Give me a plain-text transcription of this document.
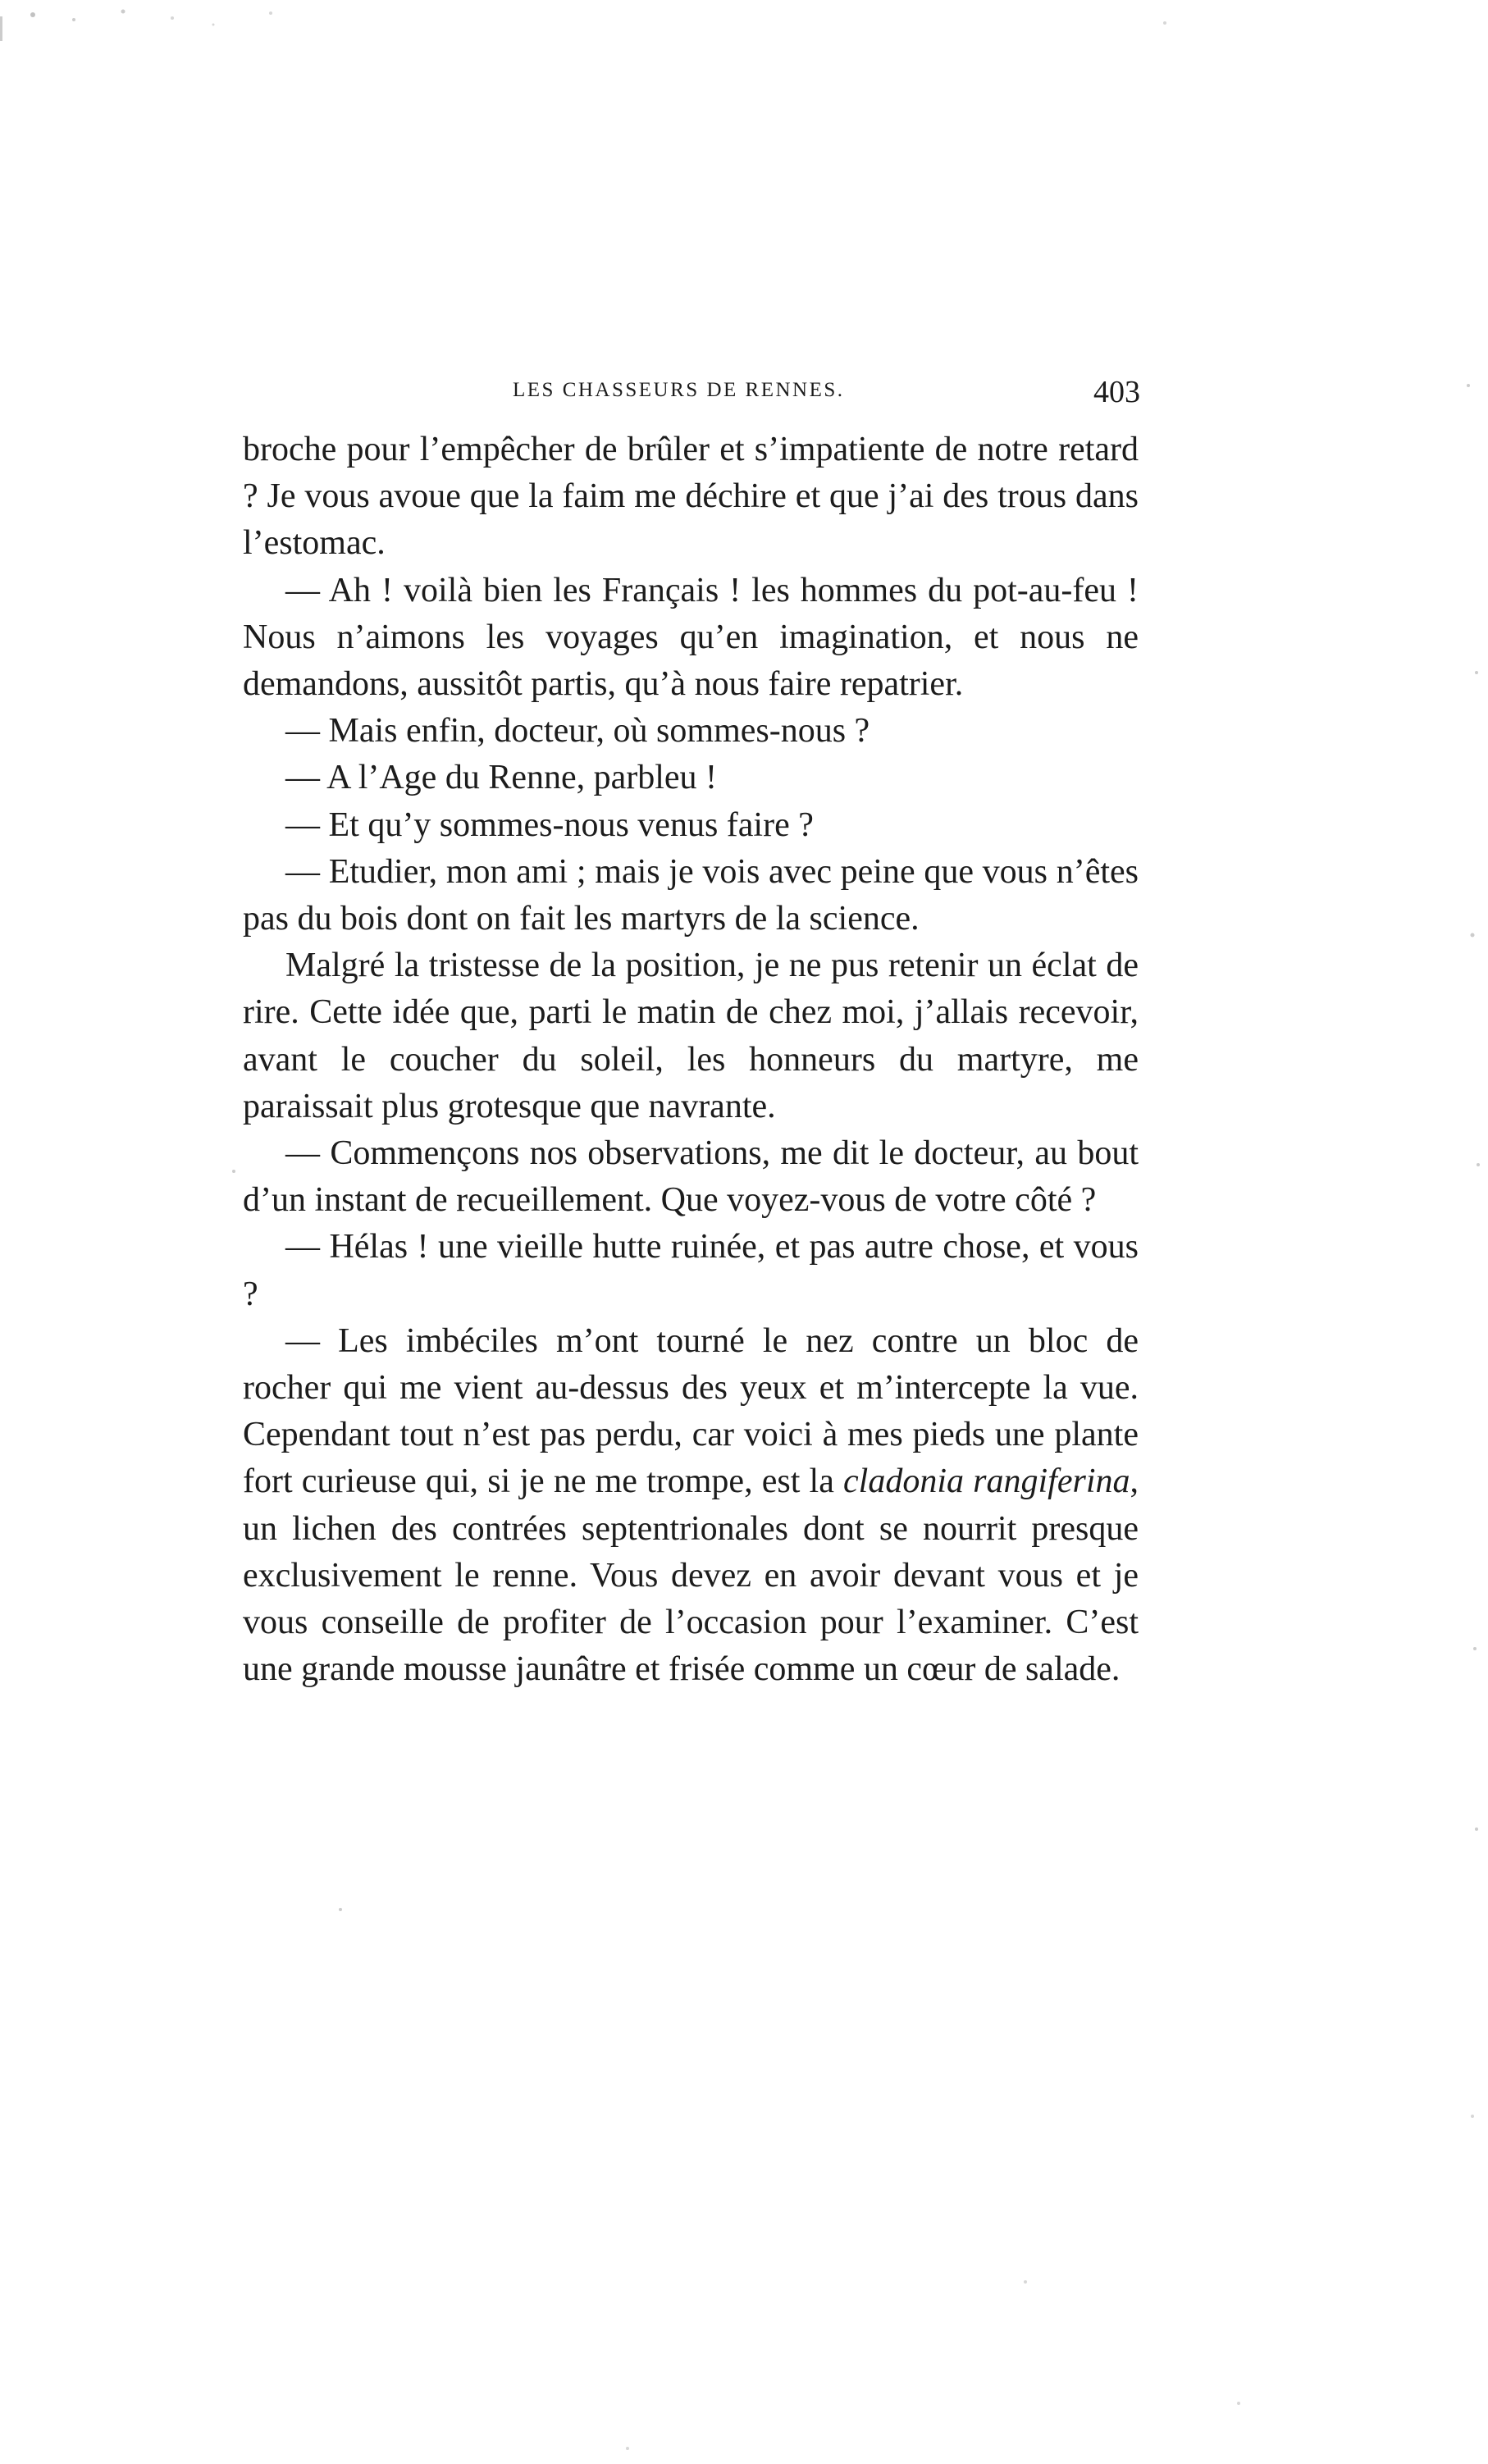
LES CHASSEURS DE RENNES.	403

broche pour l’empêcher de brûler et s’impatiente de notre retard ? Je vous avoue que la faim me déchire et que j’ai des trous dans l’estomac.

— Ah ! voilà bien les Français ! les hommes du pot-au-feu ! Nous n’aimons les voyages qu’en imagination, et nous ne demandons, aussitôt partis, qu’à nous faire repatrier.

— Mais enfin, docteur, où sommes-nous ?

— A l’Age du Renne, parbleu !

— Et qu’y sommes-nous venus faire ?

— Etudier, mon ami ; mais je vois avec peine que vous n’êtes pas du bois dont on fait les martyrs de la science.

Malgré la tristesse de la position, je ne pus retenir un éclat de rire. Cette idée que, parti le matin de chez moi, j’allais recevoir, avant le coucher du soleil, les honneurs du martyre, me paraissait plus grotesque que navrante.

— Commençons nos observations, me dit le docteur, au bout d’un instant de recueillement. Que voyez-vous de votre côté ?

— Hélas ! une vieille hutte ruinée, et pas autre chose, et vous ?

— Les imbéciles m’ont tourné le nez contre un bloc de rocher qui me vient au-dessus des yeux et m’intercepte la vue. Cependant tout n’est pas perdu, car voici à mes pieds une plante fort curieuse qui, si je ne me trompe, est la cladonia rangiferina, un lichen des contrées septentrionales dont se nourrit presque exclusivement le renne. Vous devez en avoir devant vous et je vous conseille de profiter de l’occasion pour l’examiner. C’est une grande mousse jaunâtre et frisée comme un cœur de salade.
